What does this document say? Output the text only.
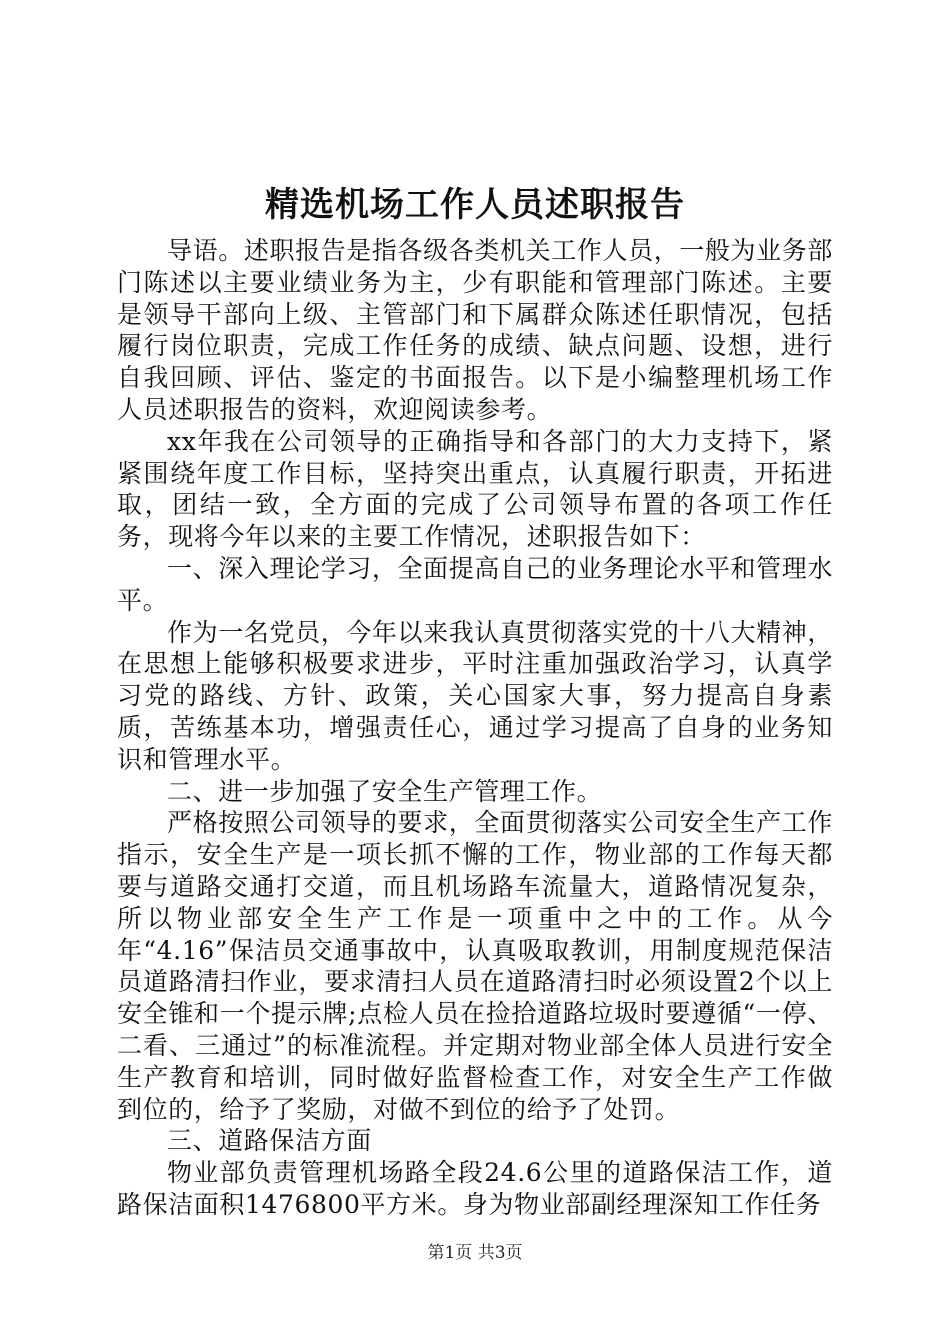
精选机场工作人员述职报告

导语。述职报告是指各级各类机关工作人员，一般为业务部门陈述以主要业绩业务为主，少有职能和管理部门陈述。主要是领导干部向上级、主管部门和下属群众陈述任职情况，包括履行岗位职责，完成工作任务的成绩、缺点问题、设想，进行自我回顾、评估、鉴定的书面报告。以下是小编整理机场工作人员述职报告的资料，欢迎阅读参考。

xx年我在公司领导的正确指导和各部门的大力支持下，紧紧围绕年度工作目标，坚持突出重点，认真履行职责，开拓进取，团结一致，全方面的完成了公司领导布置的各项工作任务，现将今年以来的主要工作情况，述职报告如下：

一、深入理论学习，全面提高自己的业务理论水平和管理水平。

作为一名党员，今年以来我认真贯彻落实党的十八大精神，在思想上能够积极要求进步，平时注重加强政治学习，认真学习党的路线、方针、政策，关心国家大事，努力提高自身素质，苦练基本功，增强责任心，通过学习提高了自身的业务知识和管理水平。

二、进一步加强了安全生产管理工作。

严格按照公司领导的要求，全面贯彻落实公司安全生产工作指示，安全生产是一项长抓不懈的工作，物业部的工作每天都要与道路交通打交道，而且机场路车流量大，道路情况复杂，所以物业部安全生产工作是一项重中之中的工作。从今年“4.16”保洁员交通事故中，认真吸取教训，用制度规范保洁员道路清扫作业，要求清扫人员在道路清扫时必须设置2个以上安全锥和一个提示牌;点检人员在捡拾道路垃圾时要遵循“一停、二看、三通过”的标准流程。并定期对物业部全体人员进行安全生产教育和培训，同时做好监督检查工作，对安全生产工作做到位的，给予了奖励，对做不到位的给予了处罚。

三、道路保洁方面

物业部负责管理机场路全段24.6公里的道路保洁工作，道路保洁面积1476800平方米。身为物业部副经理深知工作任务

第1页 共3页
